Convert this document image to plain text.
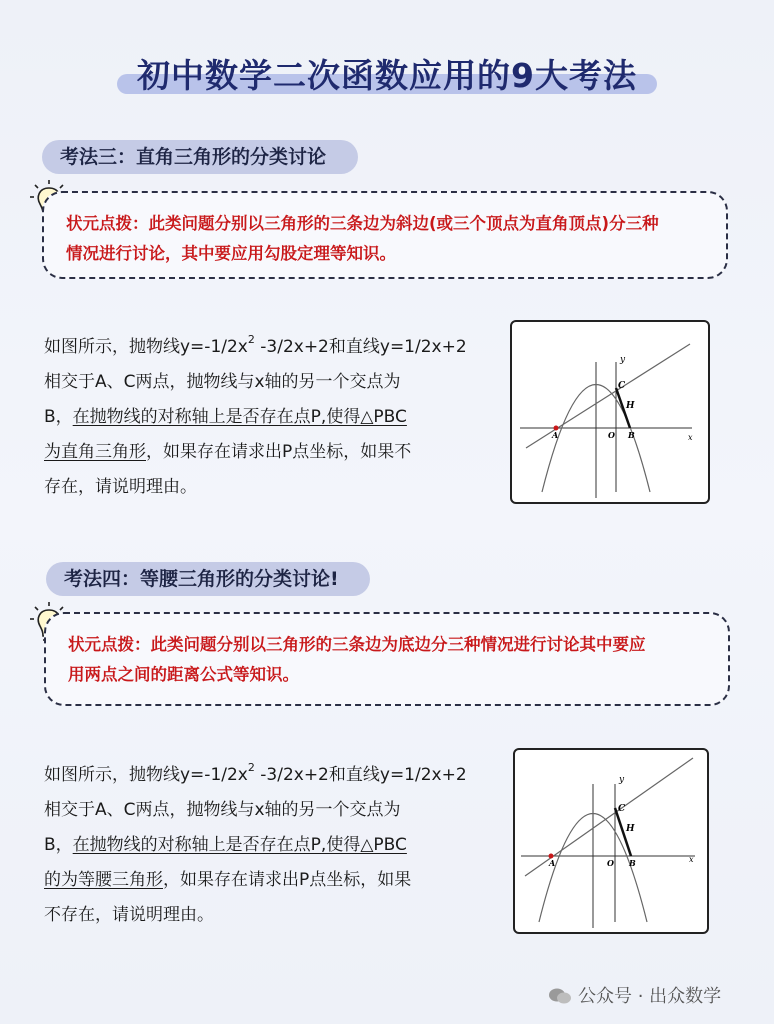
初中数学二次函数应用的9大考法
考法三：直角三角形的分类讨论
状元点拨：此类问题分别以三角形的三条边为斜边(或三个顶点为直角顶点)分三种
情况进行讨论，其中要应用勾股定理等知识。
如图所示，抛物线$y=-1/2x^2$ -3/2x+2和直线y=1/2x+2
相交于A、C两点，抛物线与x轴的另一个交点为
B，在抛物线的对称轴上是否存在点P,使得△PBC
为直角三角形，如果存在请求出P点坐标，如果不
存在，请说明理由。
y
C
H
A	O B	x
考法四：等腰三角形的分类讨论!
状元点拨：此类问题分别以三角形的三条边为底边分三种情况进行讨论其中要应
用两点之间的距离公式等知识。
如图所示，抛物线$y=-1/2x^2$ -3/2x+2和直线y=1/2x+2
相交于A、C两点，抛物线与x轴的另一个交点为
B，在抛物线的对称轴上是否存在点P,使得△PBC
的为等腰三角形，如果存在请求出P点坐标，如果
不存在，请说明理由。
y
C
H
A	O B	x
公众号 · 出众数学
